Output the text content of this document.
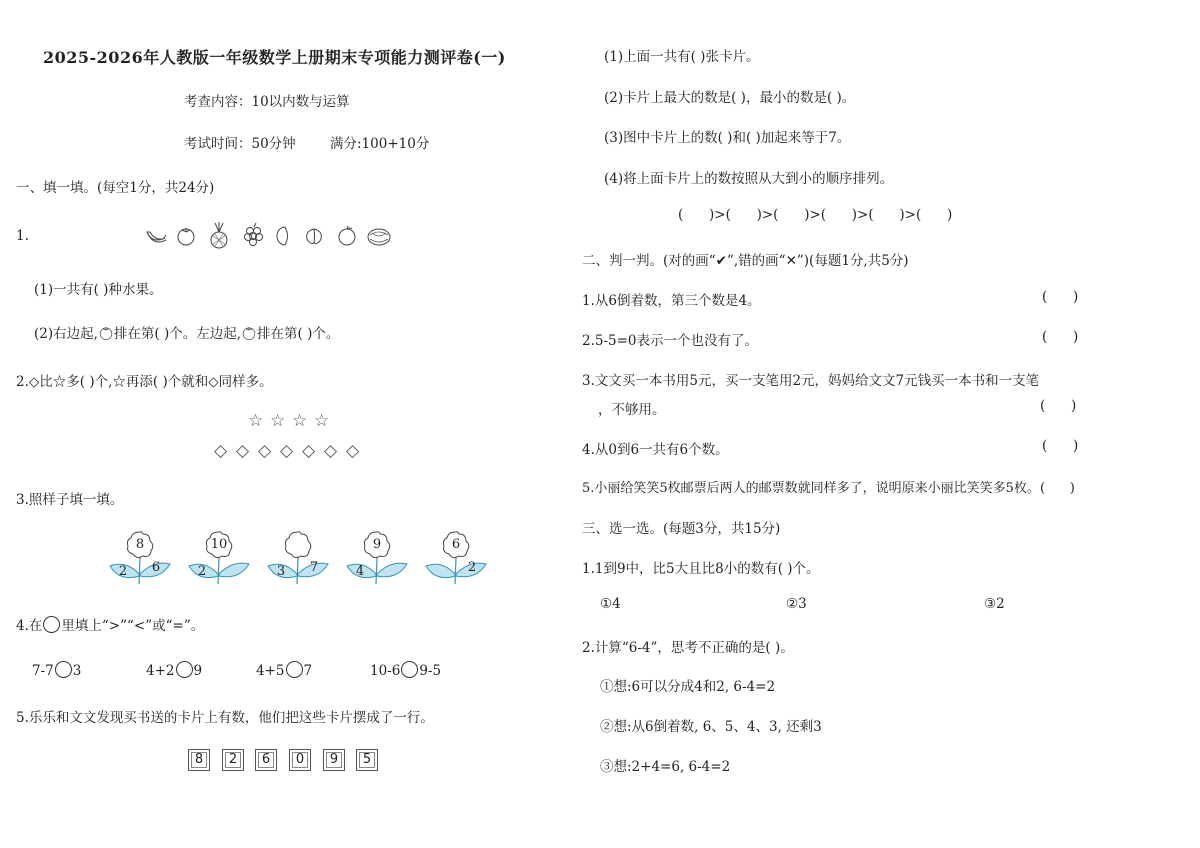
2025-2026年人教版一年级数学上册期末专项能力测评卷(一)
考查内容：10以内数与运算
考试时间：50分钟        满分:100+10分
一、填一填。(每空1分，共24分)
1.
(1)一共有( )种水果。
(2)右边起, 排在第( )个。左边起, 排在第( )个。
2.◇比☆多( )个,☆再添( )个就和◇同样多。
☆ ☆ ☆ ☆
◇ ◇ ◇ ◇ ◇ ◇ ◇
3.照样子填一填。
8
2 6
10
2	3 7
9
4
6
2
4.在 里填上“>”“<”或“=”。
7-7 3	4+2 9	4+5 7	10-6 9-5
5.乐乐和文文发现买书送的卡片上有数，他们把这些卡片摆成了一行。
8	2	6	0	9	5
(1)上面一共有( )张卡片。
(2)卡片上最大的数是( )，最小的数是( )。
(3)图中卡片上的数( )和( )加起来等于7。
(4)将上面卡片上的数按照从大到小的顺序排列。
(      )>(      )>(      )>(      )>(      )>(      )
二、判一判。(对的画“✔”,错的画“✕”)(每题1分,共5分)
1.从6倒着数，第三个数是4。	(      )
2.5-5=0表示一个也没有了。	(      )
3.文文买一本书用5元，买一支笔用2元，妈妈给文文7元钱买一本书和一支笔
，不够用。	(      )
4.从0到6一共有6个数。	(      )
5.小丽给笑笑5枚邮票后两人的邮票数就同样多了，说明原来小丽比笑笑多5枚。(      )
三、选一选。(每题3分，共15分)
1.1到9中，比5大且比8小的数有( )个。
①4	②3	③2
2.计算“6-4”，思考不正确的是( )。
①想:6可以分成4和2, 6-4=2
②想:从6倒着数, 6、5、4、3, 还剩3
③想:2+4=6, 6-4=2
